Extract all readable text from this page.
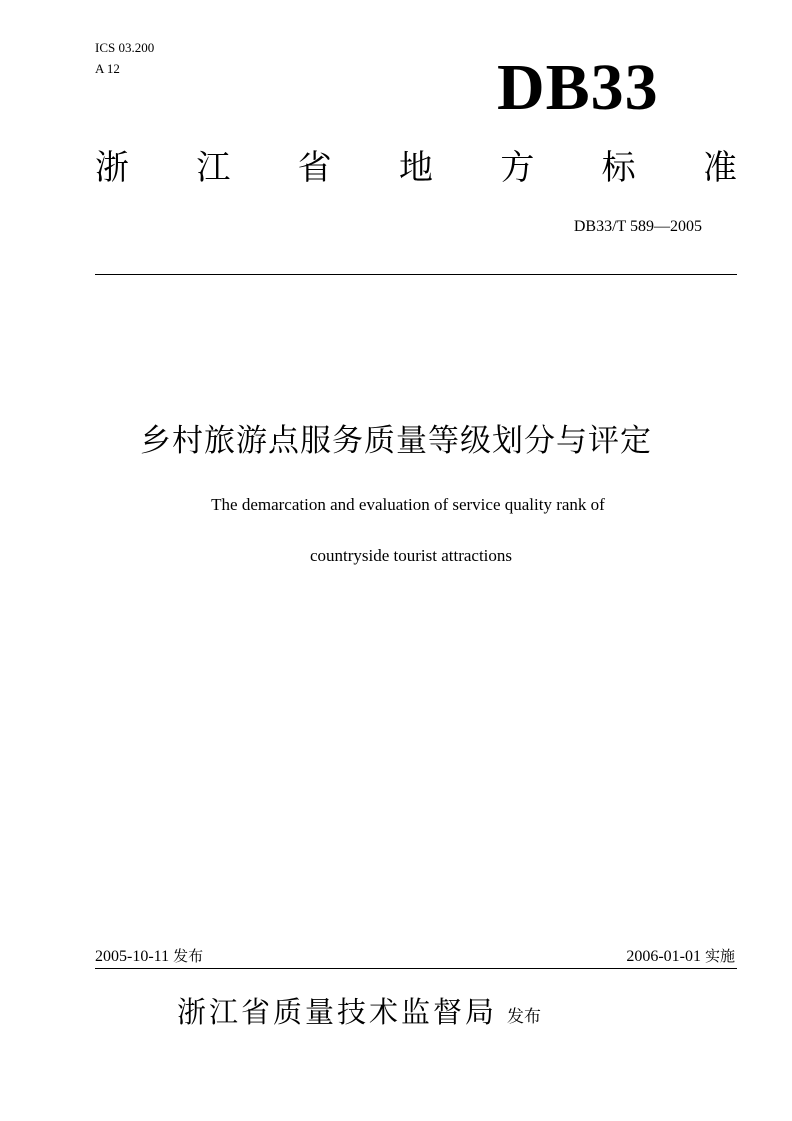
ICS 03.200
A 12	DB33
浙 江 省 地 方 标 准
DB33/T 589—2005
乡村旅游点服务质量等级划分与评定
The demarcation and evaluation of service quality rank of
countryside tourist attractions
2005-10-11 发布	2006-01-01 实施
浙江省质量技术监督局 发布
